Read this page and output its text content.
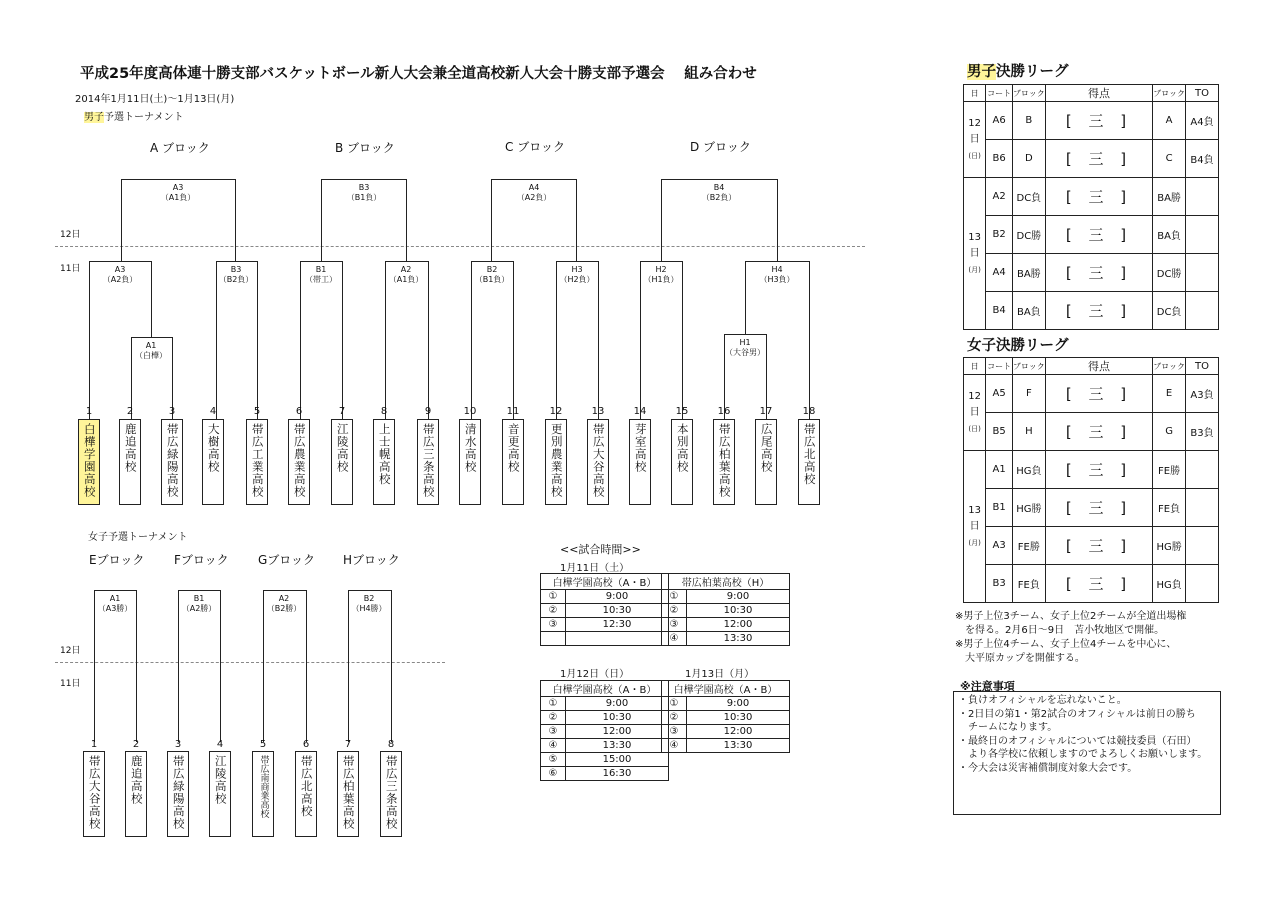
平成25年度高体連十勝支部バスケットボール新人大会兼全道高校新人大会十勝支部予選会　 組み合わせ
2014年1月11日(土)～1月13日(月)
男子予選トーナメント
A ブロック	B ブロック	C ブロック	D ブロック
12日
11日
A3
（A1負）
B3
（B1負）
A4
（A2負）
B4
（B2負）
A3
（A2負）
B3
（B2負）
B1
（帯工）
A2
（A1負）
B2
（B1負）
H3
（H2負）
H2
（H1負）
H4
（H3負）
A1
（白樺）
H1
（大谷男）
1
白樺学園高校
2
鹿追高校
3
帯広緑陽高校
4
大樹高校
5
帯広工業高校
6
帯広農業高校
7
江陵高校
8
上士幌高校
9
帯広三条高校
10
清水高校
11
音更高校
12
更別農業高校
13
帯広大谷高校
14
芽室高校
15
本別高校
16
帯広柏葉高校
17
広尾高校
18
帯広北高校
女子予選トーナメント
Eブロック Fブロック Gブロック Hブロック
12日
11日
A1
（A3勝）
B1
（A2勝）
A2
（B2勝）
B2
（H4勝）
1
帯広大谷高校
2
鹿追高校
3
帯広緑陽高校
4
江陵高校
5
帯広南商業高校
6
帯広北高校
7
帯広柏葉高校
8
帯広三条高校
<<試合時間>>
1月11日（土）
白樺学園高校（A・B）	
①	9:00
②	10:30
③	12:30

帯広柏葉高校（H）	
①	9:00
②	10:30
③	12:00
④	13:30
1月12日（日）	1月13日（月）
白樺学園高校（A・B）	
①	9:00
②	10:30
③	12:00
④	13:30
⑤	15:00
⑥	16:30
白樺学園高校（A・B）	
①	9:00
②	10:30
③	12:00
④	13:30
男子決勝リーグ
日	コート	ブロック	得点	ブロック	TO

12
日
(日)	A6	B	[ 三 ]	A	A4負
	B6	D	[ 三 ]	C	B4負

13
日
(月)	A2	DC負	[ 三 ]	BA勝	
	B2	DC勝	[ 三 ]	BA負	
	A4	BA勝	[ 三 ]	DC勝	
	B4	BA負	[ 三 ]	DC負	
女子決勝リーグ
日	コート	ブロック	得点	ブロック	TO

12
日
(日)	A5	F	[ 三 ]	E	A3負
	B5	H	[ 三 ]	G	B3負

13
日
(月)	A1	HG負	[ 三 ]	FE勝	
	B1	HG勝	[ 三 ]	FE負	
	A3	FE勝	[ 三 ]	HG勝	
	B3	FE負	[ 三 ]	HG負	
※男子上位3チーム、女子上位2チームが全道出場権
　を得る。2月6日～9日　苫小牧地区で開催。
※男子上位4チーム、女子上位4チームを中心に、
　大平原カップを開催する。
※注意事項
・負けオフィシャルを忘れないこと。
・2日目の第1・第2試合のオフィシャルは前日の勝ち
　チームになります。
・最終日のオフィシャルについては競技委員（石田）
　より各学校に依頼しますのでよろしくお願いします。
・今大会は災害補償制度対象大会です。
